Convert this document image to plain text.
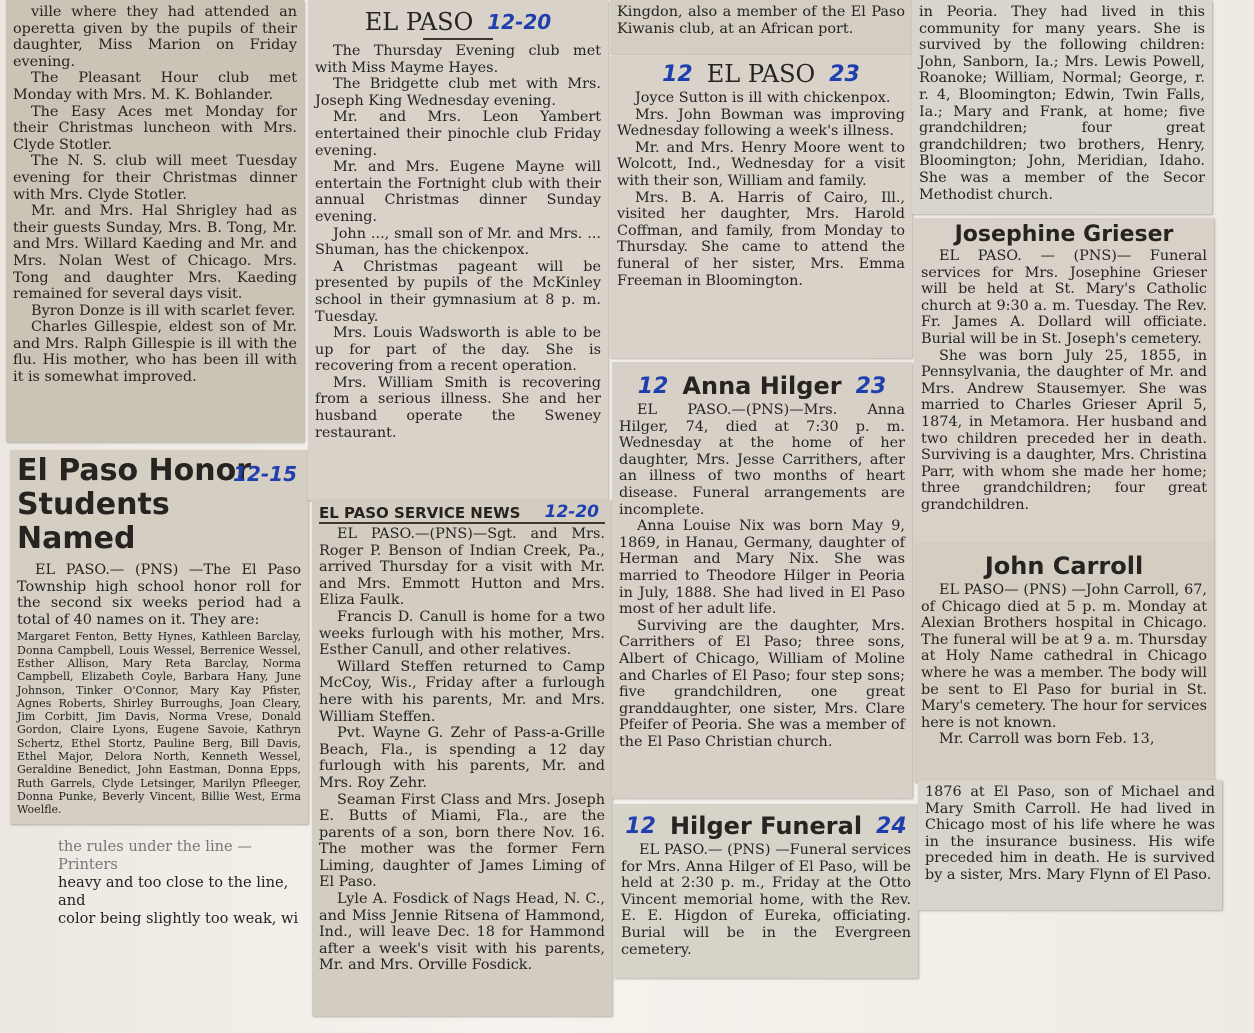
ville where they had attended an operetta given by the pupils of their daughter, Miss Marion on Friday evening.

The Pleasant Hour club met Monday with Mrs. M. K. Bohlander.

The Easy Aces met Monday for their Christmas luncheon with Mrs. Clyde Stotler.

The N. S. club will meet Tuesday evening for their Christmas dinner with Mrs. Clyde Stotler.

Mr. and Mrs. Hal Shrigley had as their guests Sunday, Mrs. B. Tong, Mr. and Mrs. Willard Kaeding and Mr. and Mrs. Nolan West of Chicago. Mrs. Tong and daughter Mrs. Kaeding remained for several days visit.

Byron Donze is ill with scarlet fever.

Charles Gillespie, eldest son of Mr. and Mrs. Ralph Gillespie is ill with the flu. His mother, who has been ill with it is somewhat improved.

El Paso Honor Students Named
12-15

EL PASO.— (PNS) —The El Paso Township high school honor roll for the second six weeks period had a total of 40 names on it. They are:

Margaret Fenton, Betty Hynes, Kathleen Barclay, Donna Campbell, Louis Wessel, Berrenice Wessel, Esther Allison, Mary Reta Barclay, Norma Campbell, Elizabeth Coyle, Barbara Hany, June Johnson, Tinker O'Connor, Mary Kay Pfister, Agnes Roberts, Shirley Burroughs, Joan Cleary, Jim Corbitt, Jim Davis, Norma Vrese, Donald Gordon, Claire Lyons, Eugene Savoie, Kathryn Schertz, Ethel Stortz, Pauline Berg, Bill Davis, Ethel Major, Delora North, Kenneth Wessel, Geraldine Benedict, John Eastman, Donna Epps, Ruth Garrels, Clyde Letsinger, Marilyn Pfleeger, Donna Punke, Beverly Vincent, Billie West, Erma Woelfle.

the rules under the line — Printers

heavy and too close to the line, and

color being slightly too weak, wi

EL PASO 12-20

The Thursday Evening club met with Miss Mayme Hayes.

The Bridgette club met with Mrs. Joseph King Wednesday evening.

Mr. and Mrs. Leon Yambert entertained their pinochle club Friday evening.

Mr. and Mrs. Eugene Mayne will entertain the Fortnight club with their annual Christmas dinner Sunday evening.

John ..., small son of Mr. and Mrs. ... Shuman, has the chickenpox.

A Christmas pageant will be presented by pupils of the McKinley school in their gymnasium at 8 p. m. Tuesday.

Mrs. Louis Wadsworth is able to be up for part of the day. She is recovering from a recent operation.

Mrs. William Smith is recovering from a serious illness. She and her husband operate the Sweney restaurant.

EL PASO SERVICE NEWS	12-20

EL PASO.—(PNS)—Sgt. and Mrs. Roger P. Benson of Indian Creek, Pa., arrived Thursday for a visit with Mr. and Mrs. Emmott Hutton and Mrs. Eliza Faulk.

Francis D. Canull is home for a two weeks furlough with his mother, Mrs. Esther Canull, and other relatives.

Willard Steffen returned to Camp McCoy, Wis., Friday after a furlough here with his parents, Mr. and Mrs. William Steffen.

Pvt. Wayne G. Zehr of Pass-a-Grille Beach, Fla., is spending a 12 day furlough with his parents, Mr. and Mrs. Roy Zehr.

Seaman First Class and Mrs. Joseph E. Butts of Miami, Fla., are the parents of a son, born there Nov. 16. The mother was the former Fern Liming, daughter of James Liming of El Paso.

Lyle A. Fosdick of Nags Head, N. C., and Miss Jennie Ritsena of Hammond, Ind., will leave Dec. 18 for Hammond after a week's visit with his parents, Mr. and Mrs. Orville Fosdick.

Kingdon, also a member of the El Paso Kiwanis club, at an African port.

12 EL PASO 23

Joyce Sutton is ill with chickenpox.

Mrs. John Bowman was improving Wednesday following a week's illness.

Mr. and Mrs. Henry Moore went to Wolcott, Ind., Wednesday for a visit with their son, William and family.

Mrs. B. A. Harris of Cairo, Ill., visited her daughter, Mrs. Harold Coffman, and family, from Monday to Thursday. She came to attend the funeral of her sister, Mrs. Emma Freeman in Bloomington.

12 Anna Hilger 23

EL PASO.—(PNS)—Mrs. Anna Hilger, 74, died at 7:30 p. m. Wednesday at the home of her daughter, Mrs. Jesse Carrithers, after an illness of two months of heart disease. Funeral arrangements are incomplete.

Anna Louise Nix was born May 9, 1869, in Hanau, Germany, daughter of Herman and Mary Nix. She was married to Theodore Hilger in Peoria in July, 1888. She had lived in El Paso most of her adult life.

Surviving are the daughter, Mrs. Carrithers of El Paso; three sons, Albert of Chicago, William of Moline and Charles of El Paso; four step sons; five grandchildren, one great granddaughter, one sister, Mrs. Clare Pfeifer of Peoria. She was a member of the El Paso Christian church.

12 Hilger Funeral 24

EL PASO.— (PNS) —Funeral services for Mrs. Anna Hilger of El Paso, will be held at 2:30 p. m., Friday at the Otto Vincent memorial home, with the Rev. E. E. Higdon of Eureka, officiating. Burial will be in the Evergreen cemetery.

in Peoria. They had lived in this community for many years. She is survived by the following children: John, Sanborn, Ia.; Mrs. Lewis Powell, Roanoke; William, Normal; George, r. r. 4, Bloomington; Edwin, Twin Falls, Ia.; Mary and Frank, at home; five grandchildren; four great grandchildren; two brothers, Henry, Bloomington; John, Meridian, Idaho. She was a member of the Secor Methodist church.

Josephine Grieser

EL PASO. — (PNS)— Funeral services for Mrs. Josephine Grieser will be held at St. Mary's Catholic church at 9:30 a. m. Tuesday. The Rev. Fr. James A. Dollard will officiate. Burial will be in St. Joseph's cemetery.

She was born July 25, 1855, in Pennsylvania, the daughter of Mr. and Mrs. Andrew Stausemyer. She was married to Charles Grieser April 5, 1874, in Metamora. Her husband and two children preceded her in death. Surviving is a daughter, Mrs. Christina Parr, with whom she made her home; three grandchildren; four great grandchildren.

John Carroll

EL PASO— (PNS) —John Carroll, 67, of Chicago died at 5 p. m. Monday at Alexian Brothers hospital in Chicago. The funeral will be at 9 a. m. Thursday at Holy Name cathedral in Chicago where he was a member. The body will be sent to El Paso for burial in St. Mary's cemetery. The hour for services here is not known.

Mr. Carroll was born Feb. 13,

1876 at El Paso, son of Michael and Mary Smith Carroll. He had lived in Chicago most of his life where he was in the insurance business. His wife preceded him in death. He is survived by a sister, Mrs. Mary Flynn of El Paso.
